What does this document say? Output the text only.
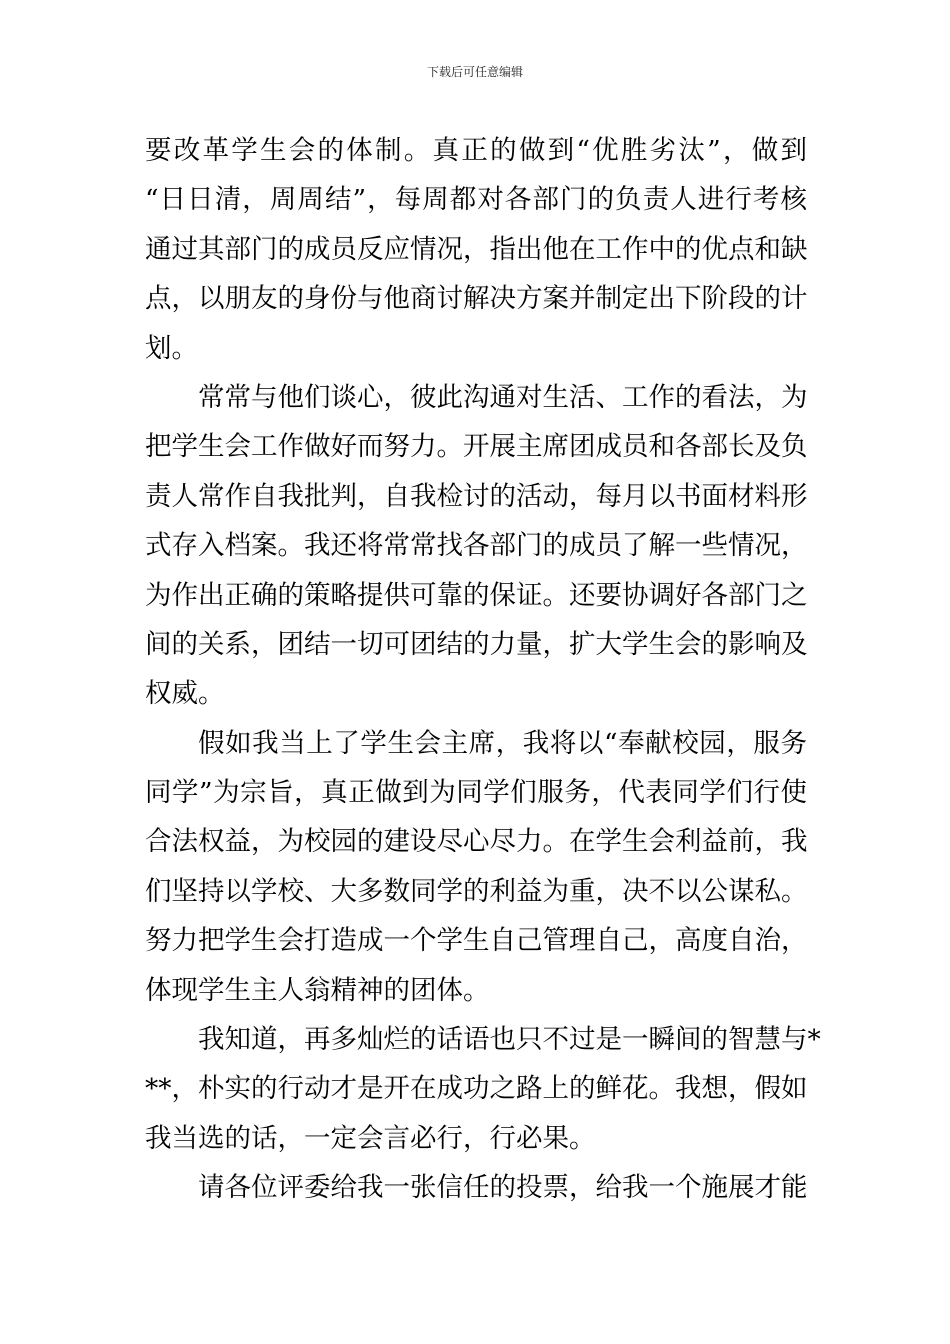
下载后可任意编辑
要改革学生会的体制。真正的做到“优胜劣汰”，做到
“日日清，周周结”，每周都对各部门的负责人进行考核
通过其部门的成员反应情况，指出他在工作中的优点和缺
点，以朋友的身份与他商讨解决方案并制定出下阶段的计
划。
常常与他们谈心，彼此沟通对生活、工作的看法，为
把学生会工作做好而努力。开展主席团成员和各部长及负
责人常作自我批判，自我检讨的活动，每月以书面材料形
式存入档案。我还将常常找各部门的成员了解一些情况，
为作出正确的策略提供可靠的保证。还要协调好各部门之
间的关系，团结一切可团结的力量，扩大学生会的影响及
权威。
假如我当上了学生会主席，我将以“奉献校园，服务
同学”为宗旨，真正做到为同学们服务，代表同学们行使
合法权益，为校园的建设尽心尽力。在学生会利益前，我
们坚持以学校、大多数同学的利益为重，决不以公谋私。
努力把学生会打造成一个学生自己管理自己，高度自治，
体现学生主人翁精神的团体。
我知道，再多灿烂的话语也只不过是一瞬间的智慧与*
**，朴实的行动才是开在成功之路上的鲜花。我想，假如
我当选的话，一定会言必行，行必果。
请各位评委给我一张信任的投票，给我一个施展才能
